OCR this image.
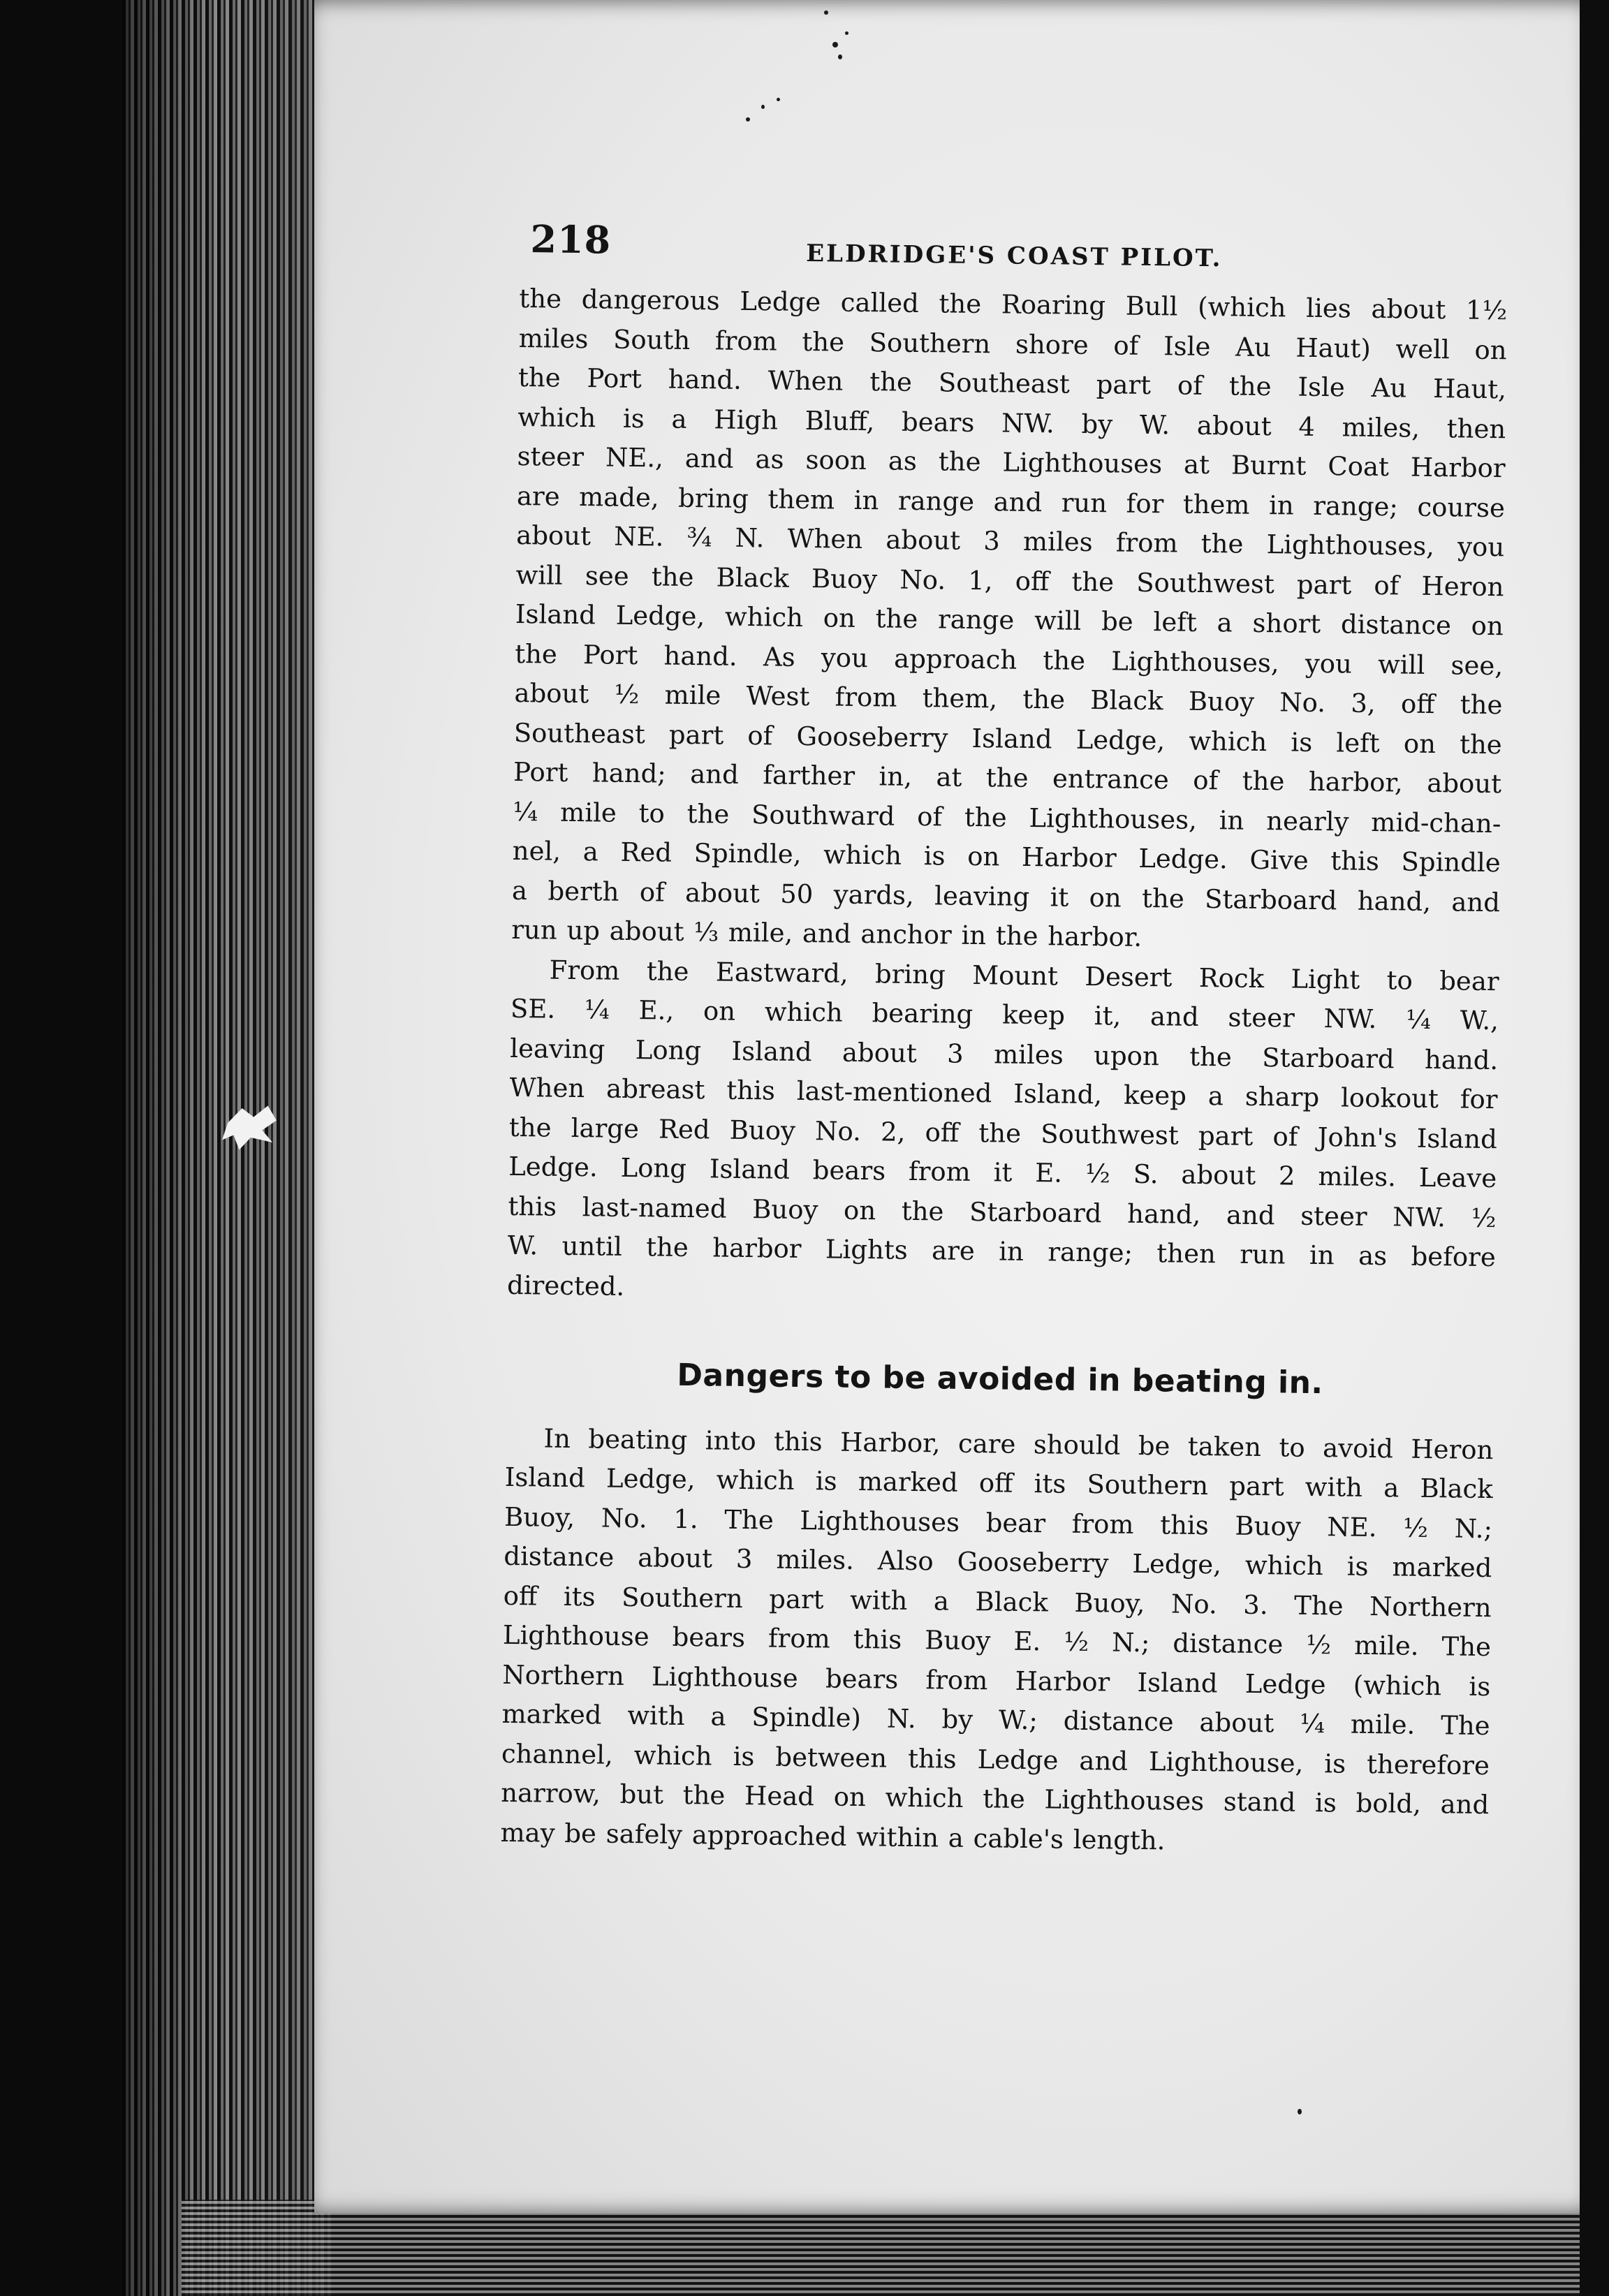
218	ELDRIDGE'S COAST PILOT.
the dangerous Ledge called the Roaring Bull (which lies about 1½
miles South from the Southern shore of Isle Au Haut) well on
the Port hand. When the Southeast part of the Isle Au Haut,
which is a High Bluff, bears NW. by W. about 4 miles, then
steer NE., and as soon as the Lighthouses at Burnt Coat Harbor
are made, bring them in range and run for them in range; course
about NE. ¾ N. When about 3 miles from the Lighthouses, you
will see the Black Buoy No. 1, off the Southwest part of Heron
Island Ledge, which on the range will be left a short distance on
the Port hand. As you approach the Lighthouses, you will see,
about ½ mile West from them, the Black Buoy No. 3, off the
Southeast part of Gooseberry Island Ledge, which is left on the
Port hand; and farther in, at the entrance of the harbor, about
¼ mile to the Southward of the Lighthouses, in nearly mid-chan-
nel, a Red Spindle, which is on Harbor Ledge. Give this Spindle
a berth of about 50 yards, leaving it on the Starboard hand, and
run up about ⅓ mile, and anchor in the harbor.
From the Eastward, bring Mount Desert Rock Light to bear
SE. ¼ E., on which bearing keep it, and steer NW. ¼ W.,
leaving Long Island about 3 miles upon the Starboard hand.
When abreast this last-mentioned Island, keep a sharp lookout for
the large Red Buoy No. 2, off the Southwest part of John's Island
Ledge. Long Island bears from it E. ½ S. about 2 miles. Leave
this last-named Buoy on the Starboard hand, and steer NW. ½
W. until the harbor Lights are in range; then run in as before
directed.
Dangers to be avoided in beating in.
In beating into this Harbor, care should be taken to avoid Heron
Island Ledge, which is marked off its Southern part with a Black
Buoy, No. 1. The Lighthouses bear from this Buoy NE. ½ N.;
distance about 3 miles. Also Gooseberry Ledge, which is marked
off its Southern part with a Black Buoy, No. 3. The Northern
Lighthouse bears from this Buoy E. ½ N.; distance ½ mile. The
Northern Lighthouse bears from Harbor Island Ledge (which is
marked with a Spindle) N. by W.; distance about ¼ mile. The
channel, which is between this Ledge and Lighthouse, is therefore
narrow, but the Head on which the Lighthouses stand is bold, and
may be safely approached within a cable's length.
